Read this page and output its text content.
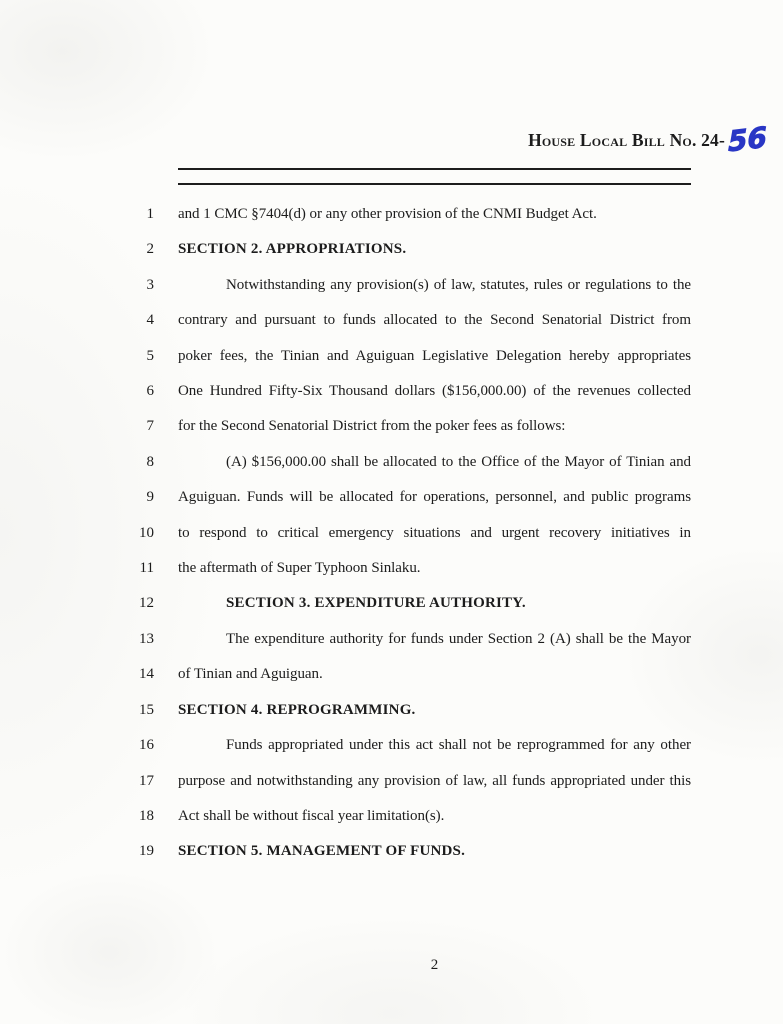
House Local Bill No. 24- 56
1 and 1 CMC §7404(d) or any other provision of the CNMI Budget Act.
2 SECTION 2. APPROPRIATIONS.
3	Notwithstanding any provision(s) of law, statutes, rules or regulations to the
4 contrary and pursuant to funds allocated to the Second Senatorial District from
5 poker fees, the Tinian and Aguiguan Legislative Delegation hereby appropriates
6 One Hundred Fifty-Six Thousand dollars ($156,000.00) of the revenues collected
7 for the Second Senatorial District from the poker fees as follows:
8	(A) $156,000.00 shall be allocated to the Office of the Mayor of Tinian and
9 Aguiguan. Funds will be allocated for operations, personnel, and public programs
10 to respond to critical emergency situations and urgent recovery initiatives in
11 the aftermath of Super Typhoon Sinlaku.
12	SECTION 3. EXPENDITURE AUTHORITY.
13	The expenditure authority for funds under Section 2 (A) shall be the Mayor
14 of Tinian and Aguiguan.
15 SECTION 4. REPROGRAMMING.
16	Funds appropriated under this act shall not be reprogrammed for any other
17 purpose and notwithstanding any provision of law, all funds appropriated under this
18 Act shall be without fiscal year limitation(s).
19 SECTION 5. MANAGEMENT OF FUNDS.
2
